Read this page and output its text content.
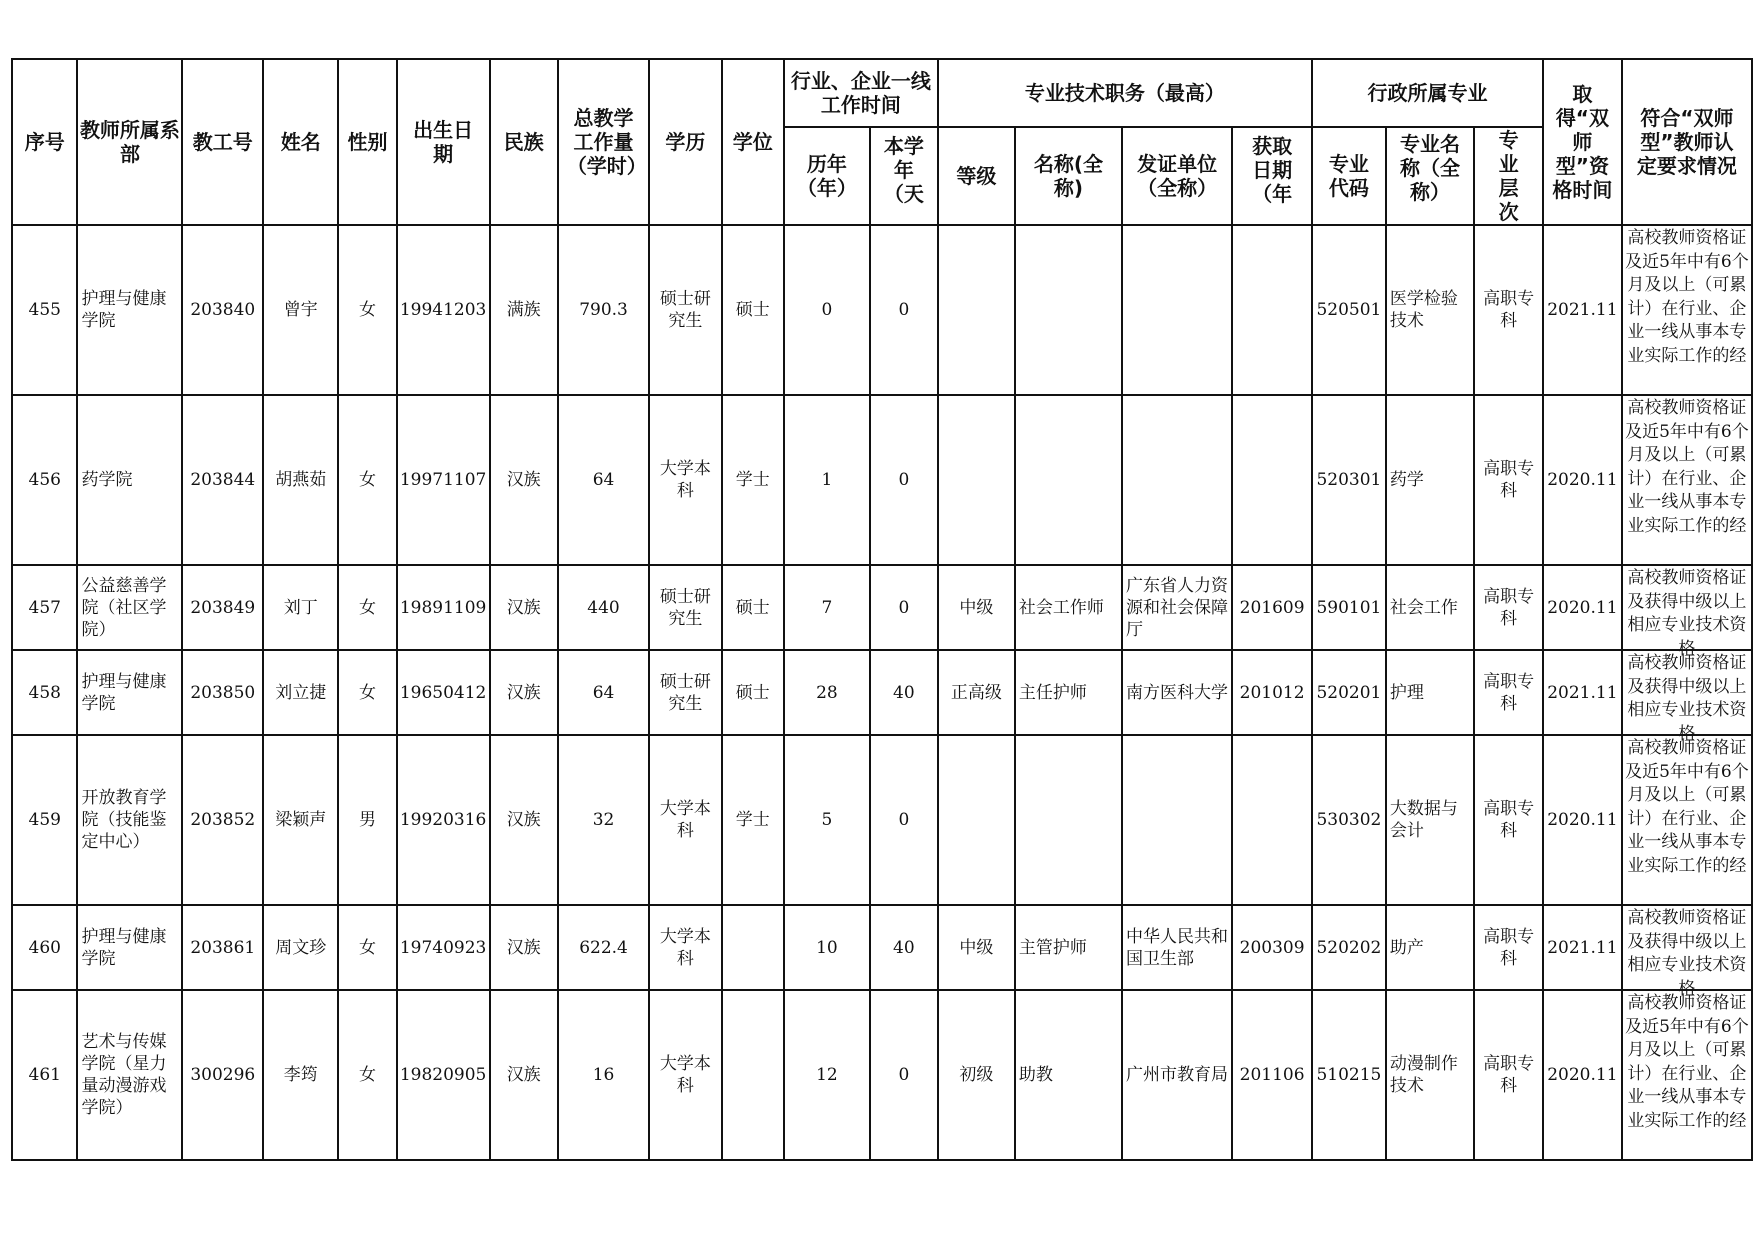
序号	教师所属系部	教工号	姓名	性别	出生日期	民族	总教学工作量（学时）	学历	学位	行业、企业一线工作时间		专业技术职务（最高）				行政所属专业			取得“双师型”资格时间	符合“双师型”教师认定要求情况
										历年（年）	本学年（天	等级	名称(全称)	发证单位（全称）	获取日期（年	专业代码	专业名称（全称）	专业层次		
455	护理与健康学院	203840	曾宇	女	19941203	满族	790.3	硕士研究生	硕士	0	0					520501	医学检验技术	高职专科	2021.11	高校教师资格证及近5年中有6个月及以上（可累计）在行业、企业一线从事本专业实际工作的经

456	药学院	203844	胡燕茹	女	19971107	汉族	64	大学本科	学士	1	0					520301	药学	高职专科	2020.11	高校教师资格证及近5年中有6个月及以上（可累计）在行业、企业一线从事本专业实际工作的经

457	公益慈善学院（社区学院）	203849	刘丁	女	19891109	汉族	440	硕士研究生	硕士	7	0	中级	社会工作师	广东省人力资源和社会保障厅	201609	590101	社会工作	高职专科	2020.11	高校教师资格证及获得中级以上相应专业技术资格

458	护理与健康学院	203850	刘立捷	女	19650412	汉族	64	硕士研究生	硕士	28	40	正高级	主任护师	南方医科大学	201012	520201	护理	高职专科	2021.11	高校教师资格证及获得中级以上相应专业技术资格

459	开放教育学院（技能鉴定中心）	203852	梁颖声	男	19920316	汉族	32	大学本科	学士	5	0					530302	大数据与会计	高职专科	2020.11	高校教师资格证及近5年中有6个月及以上（可累计）在行业、企业一线从事本专业实际工作的经

460	护理与健康学院	203861	周文珍	女	19740923	汉族	622.4	大学本科		10	40	中级	主管护师	中华人民共和国卫生部	200309	520202	助产	高职专科	2021.11	高校教师资格证及获得中级以上相应专业技术资格

461	艺术与传媒学院（星力量动漫游戏学院）	300296	李筠	女	19820905	汉族	16	大学本科		12	0	初级	助教	广州市教育局	201106	510215	动漫制作技术	高职专科	2020.11	高校教师资格证及近5年中有6个月及以上（可累计）在行业、企业一线从事本专业实际工作的经
